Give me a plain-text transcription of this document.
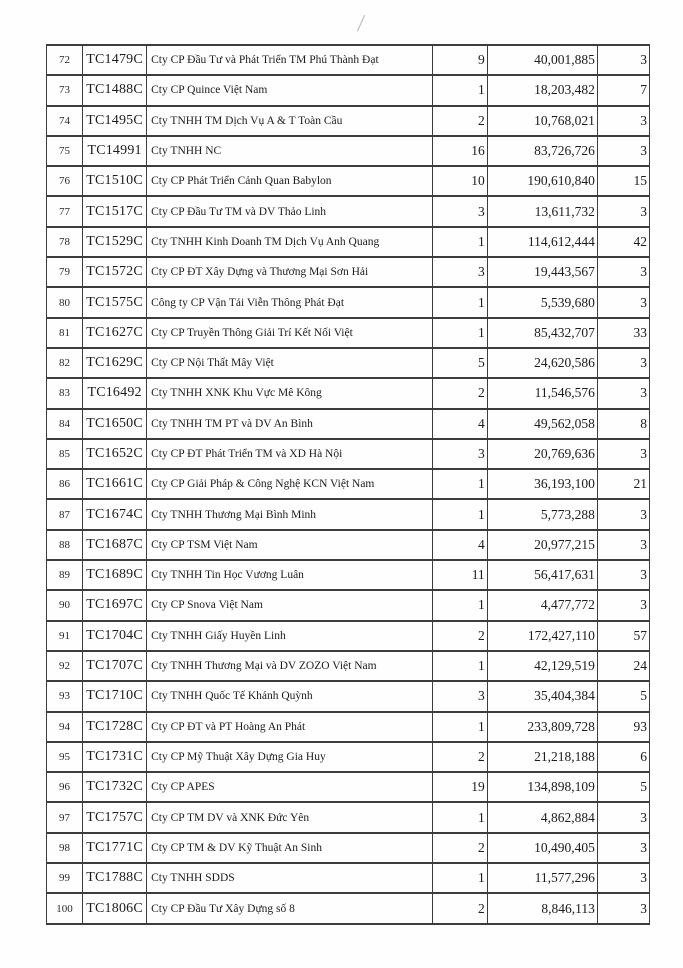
/
72	TC1479C	Cty CP Đầu Tư và Phát Triển TM Phú Thành Đạt	9	40,001,885	3
73	TC1488C	Cty CP Quince Việt Nam	1	18,203,482	7
74	TC1495C	Cty TNHH TM Dịch Vụ A & T Toàn Cầu	2	10,768,021	3
75	TC14991	Cty TNHH NC	16	83,726,726	3
76	TC1510C	Cty CP Phát Triển Cảnh Quan Babylon	10	190,610,840	15
77	TC1517C	Cty CP Đầu Tư TM và DV Thảo Linh	3	13,611,732	3
78	TC1529C	Cty TNHH Kinh Doanh TM Dịch Vụ Anh Quang	1	114,612,444	42
79	TC1572C	Cty CP ĐT Xây Dựng và Thương Mại Sơn Hải	3	19,443,567	3
80	TC1575C	Công ty CP Vận Tải Viễn Thông Phát Đạt	1	5,539,680	3
81	TC1627C	Cty CP Truyền Thông Giải Trí Kết Nối Việt	1	85,432,707	33
82	TC1629C	Cty CP Nội Thất Mây Việt	5	24,620,586	3
83	TC16492	Cty TNHH XNK Khu Vực Mê Kông	2	11,546,576	3
84	TC1650C	Cty TNHH TM PT và DV An Bình	4	49,562,058	8
85	TC1652C	Cty CP ĐT Phát Triển TM và XD Hà Nội	3	20,769,636	3
86	TC1661C	Cty CP Giải Pháp & Công Nghệ KCN Việt Nam	1	36,193,100	21
87	TC1674C	Cty TNHH Thương Mại Bình Minh	1	5,773,288	3
88	TC1687C	Cty CP TSM Việt Nam	4	20,977,215	3
89	TC1689C	Cty TNHH Tin Học Vương Luân	11	56,417,631	3
90	TC1697C	Cty CP Snova Việt Nam	1	4,477,772	3
91	TC1704C	Cty TNHH Giấy Huyền Linh	2	172,427,110	57
92	TC1707C	Cty TNHH Thương Mại và DV ZOZO Việt Nam	1	42,129,519	24
93	TC1710C	Cty TNHH Quốc Tế Khánh Quỳnh	3	35,404,384	5
94	TC1728C	Cty CP ĐT và PT Hoàng An Phát	1	233,809,728	93
95	TC1731C	Cty CP Mỹ Thuật Xây Dựng Gia Huy	2	21,218,188	6
96	TC1732C	Cty CP APES	19	134,898,109	5
97	TC1757C	Cty CP TM DV và XNK Đức Yên	1	4,862,884	3
98	TC1771C	Cty CP TM & DV Kỹ Thuật An Sinh	2	10,490,405	3
99	TC1788C	Cty TNHH SDDS	1	11,577,296	3
100	TC1806C	Cty CP Đầu Tư Xây Dựng số 8	2	8,846,113	3
